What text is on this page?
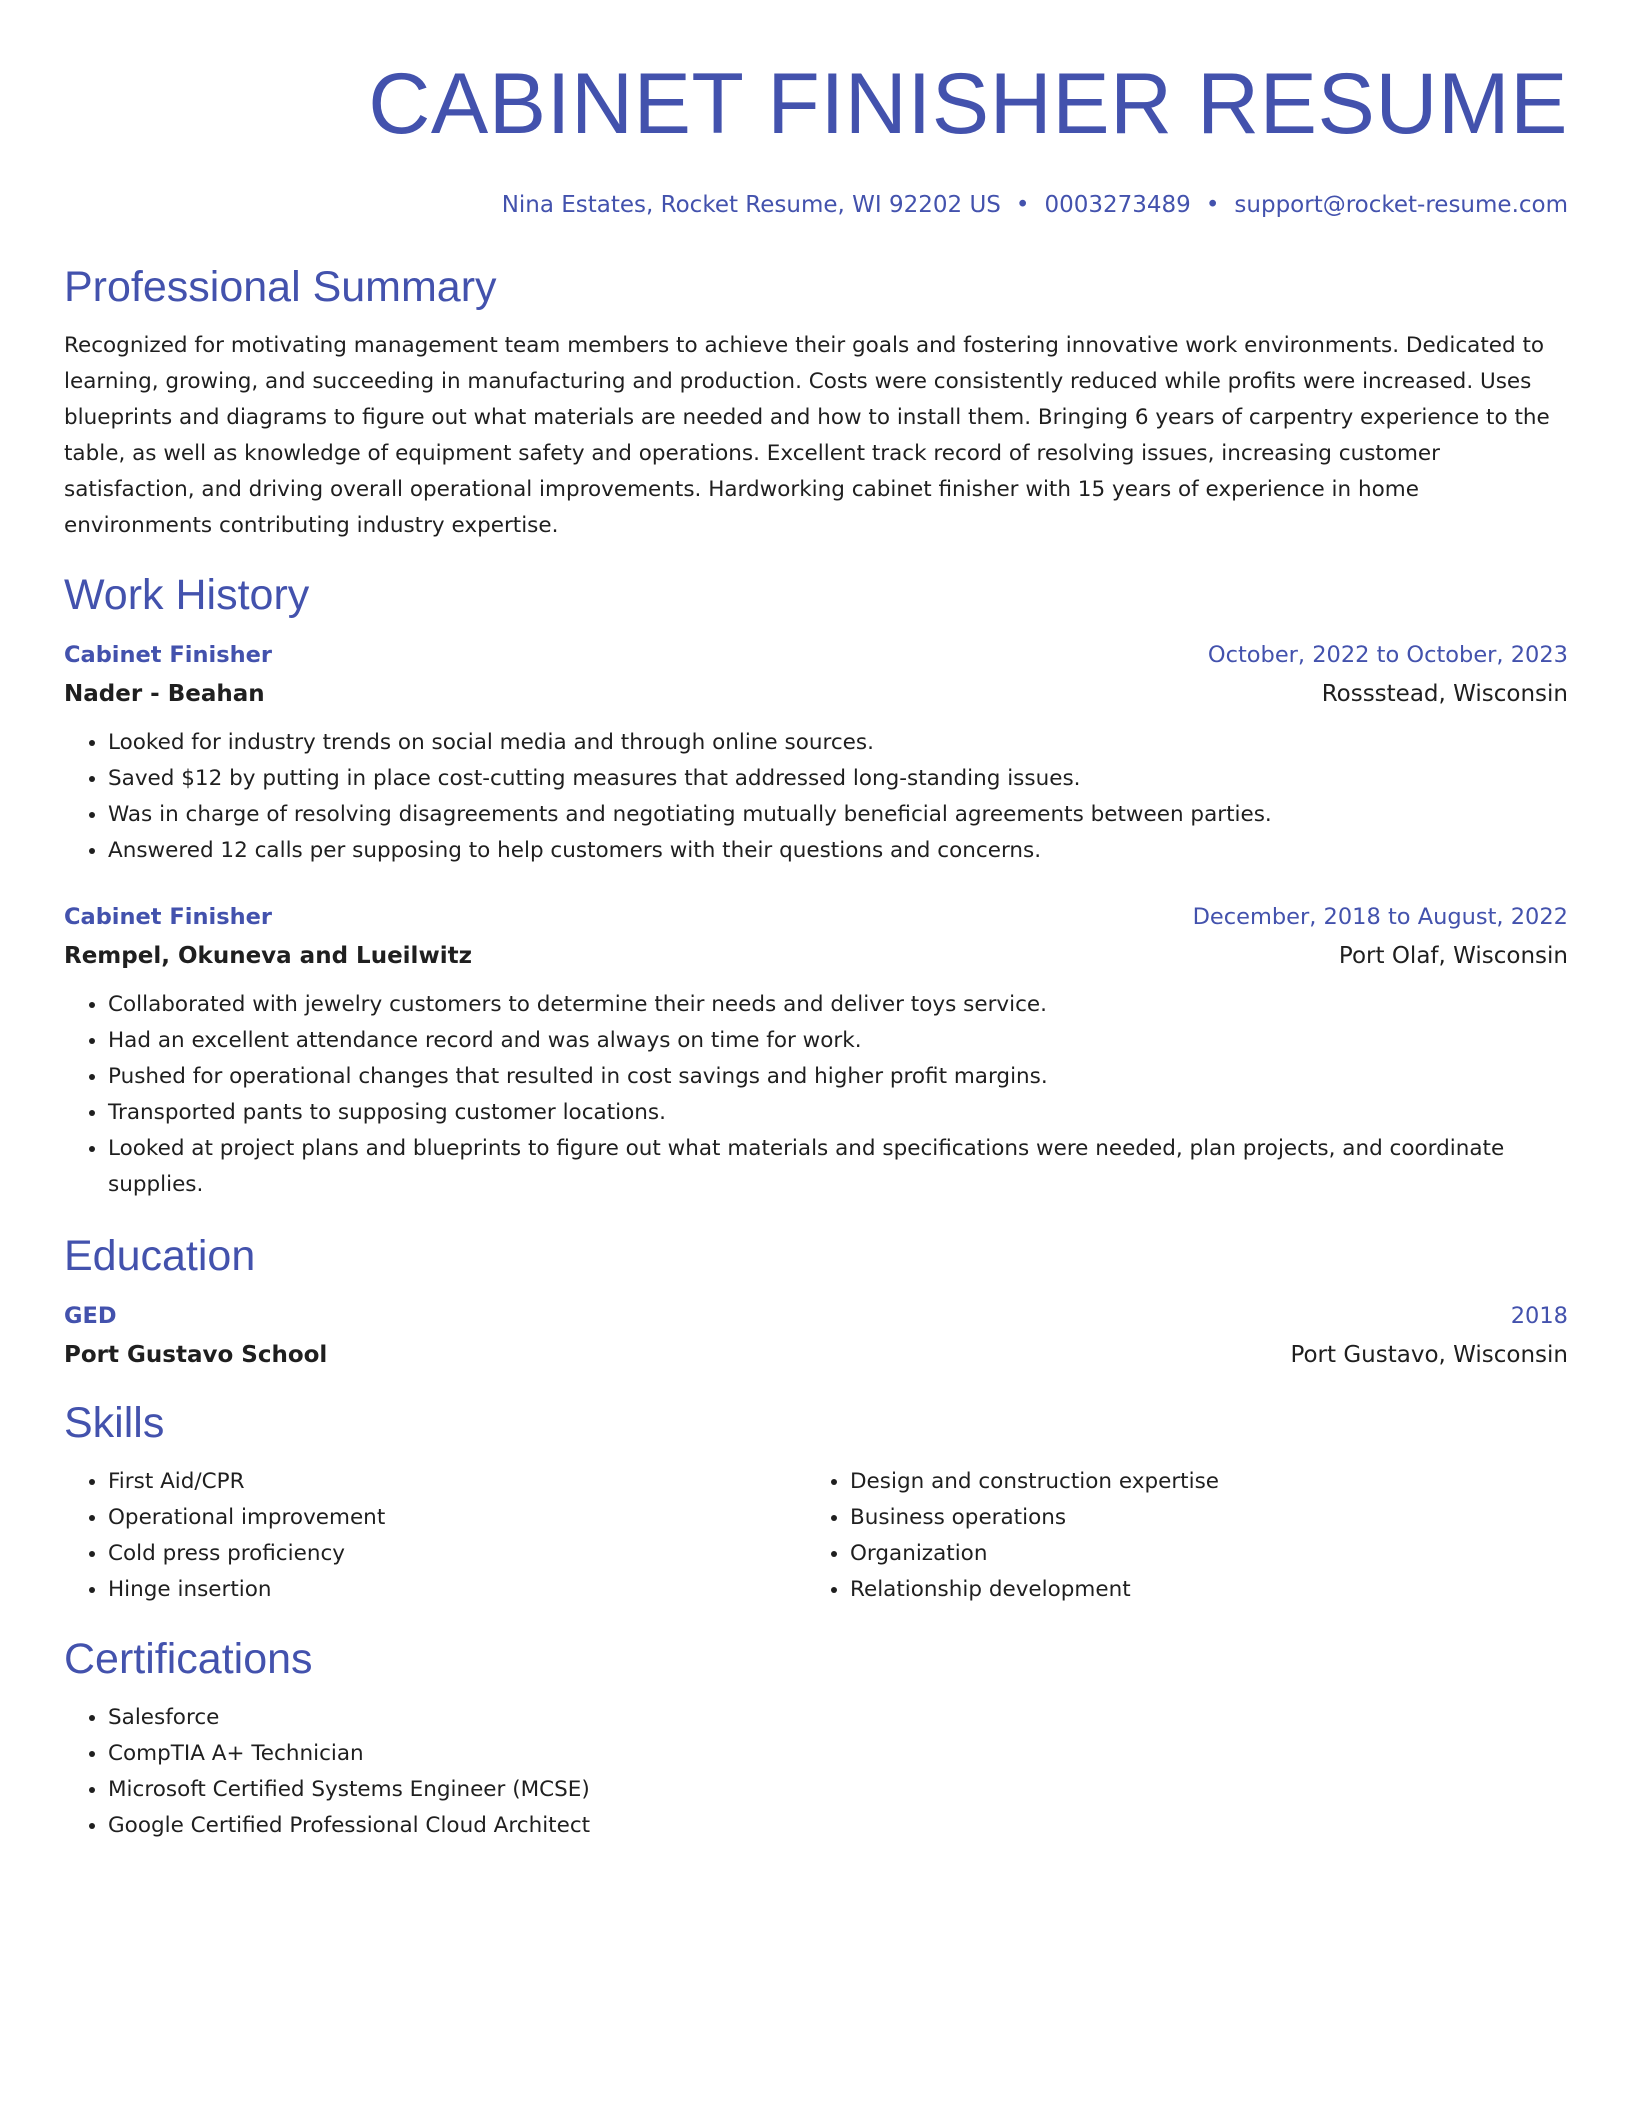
CABINET FINISHER RESUME
Nina Estates, Rocket Resume, WI 92202 US • 0003273489 • support@rocket-resume.com
Professional Summary
Recognized for motivating management team members to achieve their goals and fostering innovative work environments. Dedicated to learning, growing, and succeeding in manufacturing and production. Costs were consistently reduced while profits were increased. Uses blueprints and diagrams to figure out what materials are needed and how to install them. Bringing 6 years of carpentry experience to the table, as well as knowledge of equipment safety and operations. Excellent track record of resolving issues, increasing customer satisfaction, and driving overall operational improvements. Hardworking cabinet finisher with 15 years of experience in home environments contributing industry expertise.
Work History
Cabinet Finisher	October, 2022 to October, 2023
Nader - Beahan	Rossstead, Wisconsin
• Looked for industry trends on social media and through online sources.
• Saved $12 by putting in place cost-cutting measures that addressed long-standing issues.
• Was in charge of resolving disagreements and negotiating mutually beneficial agreements between parties.
• Answered 12 calls per supposing to help customers with their questions and concerns.
Cabinet Finisher	December, 2018 to August, 2022
Rempel, Okuneva and Lueilwitz	Port Olaf, Wisconsin
• Collaborated with jewelry customers to determine their needs and deliver toys service.
• Had an excellent attendance record and was always on time for work.
• Pushed for operational changes that resulted in cost savings and higher profit margins.
• Transported pants to supposing customer locations.
• Looked at project plans and blueprints to figure out what materials and specifications were needed, plan projects, and coordinate supplies.
Education
GED	2018
Port Gustavo School	Port Gustavo, Wisconsin
Skills
• First Aid/CPR
• Operational improvement
• Cold press proficiency
• Hinge insertion
• Design and construction expertise
• Business operations
• Organization
• Relationship development
Certifications
• Salesforce
• CompTIA A+ Technician
• Microsoft Certified Systems Engineer (MCSE)
• Google Certified Professional Cloud Architect
